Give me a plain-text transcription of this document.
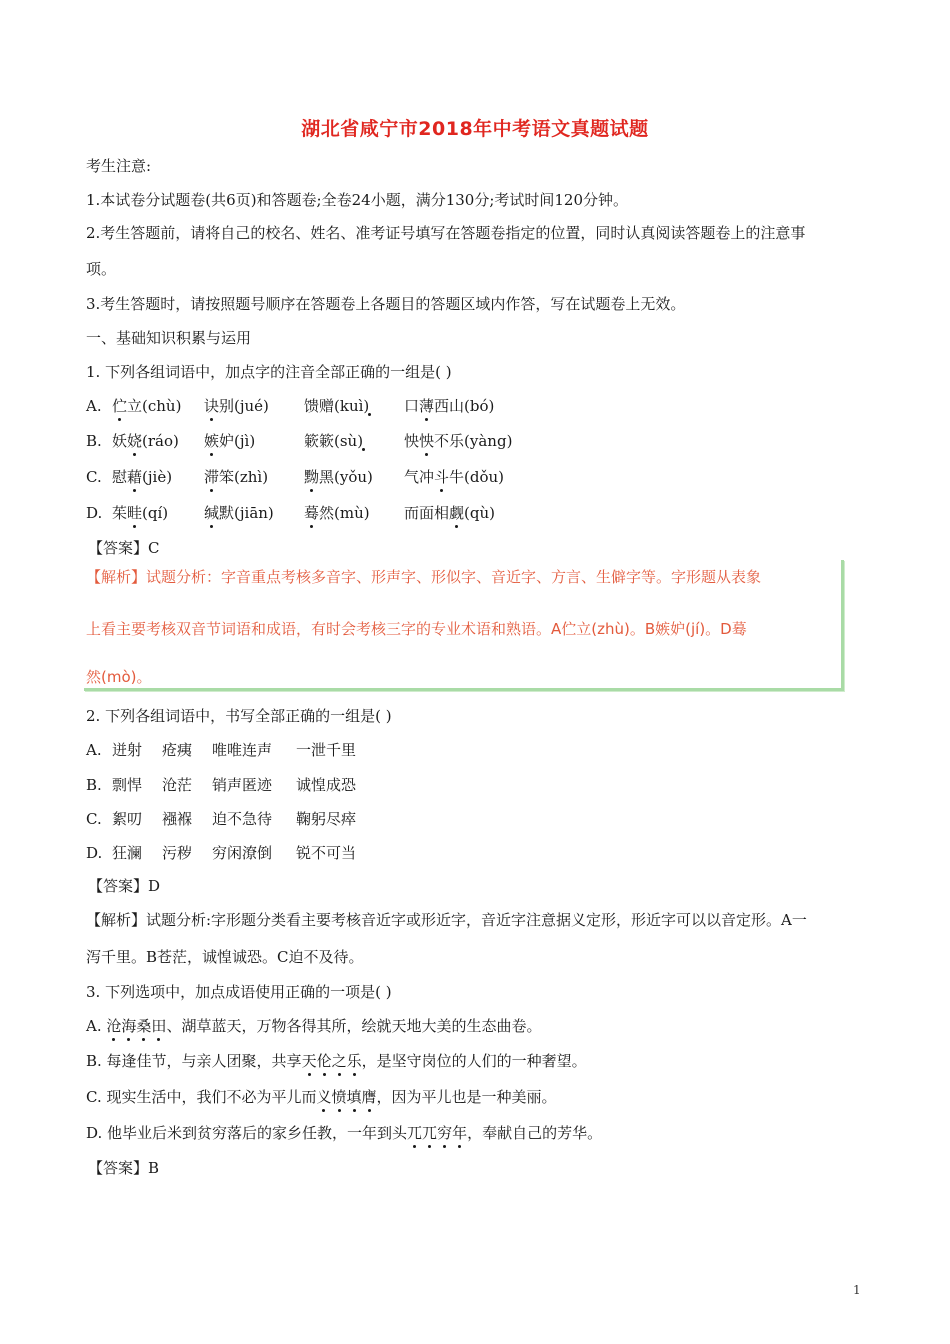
湖北省咸宁市2018年中考语文真题试题
考生注意:
1.本试卷分试题卷(共6页)和答题卷;全卷24小题，满分130分;考试时间120分钟。
2.考生答题前，请将自己的校名、姓名、准考证号填写在答题卷指定的位置，同时认真阅读答题卷上的注意事
项。
3.考生答题时，请按照题号顺序在答题卷上各题目的答题区域内作答，写在试题卷上无效。
一、基础知识积累与运用
1. 下列各组词语中，加点字的注音全部正确的一组是( )
A. 伫立(chù) 诀别(jué) 馈赠(kuì) 口薄西山(bó)
B. 妖娆(ráo) 嫉妒(jì)	簌簌(sù)	怏怏不乐(yàng)
C. 慰藉(jiè) 滞笨(zhì) 黝黑(yǒu) 气冲斗牛(dǒu)
D. 茱畦(qí) 缄默(jiān) 蓦然(mù) 而面相觑(qù)
【答案】C
【解析】试题分析：字音重点考核多音字、形声字、形似字、音近字、方言、生僻字等。字形题从表象
上看主要考核双音节词语和成语，有时会考核三字的专业术语和熟语。A伫立(zhù)。B嫉妒(jí)。D蓦
然(mò)。
2. 下列各组词语中，书写全部正确的一组是( )
A. 迸射 疮痍 唯唯连声 一泄千里
B. 剽悍 沧茫 销声匿迹 诚惶成恐
C. 絮叨 襁褓 迫不急待 鞠躬尽瘁
D. 狂澜 污秽 穷闲潦倒 锐不可当
【答案】D
【解析】试题分析:字形题分类看主要考核音近字或形近字，音近字注意据义定形，形近字可以以音定形。A一
泻千里。B苍茫，诚惶诚恐。C迫不及待。
3. 下列选项中，加点成语使用正确的一项是( )
A. 沧海桑田、湖草蓝天，万物各得其所，绘就天地大美的生态曲卷。
B. 每逢佳节，与亲人团聚，共享天伦之乐，是坚守岗位的人们的一种奢望。
C. 现实生活中，我们不必为平儿而义愤填膺，因为平儿也是一种美丽。
D. 他毕业后米到贫穷落后的家乡任教，一年到头兀兀穷年，奉献自己的芳华。
【答案】B
1
